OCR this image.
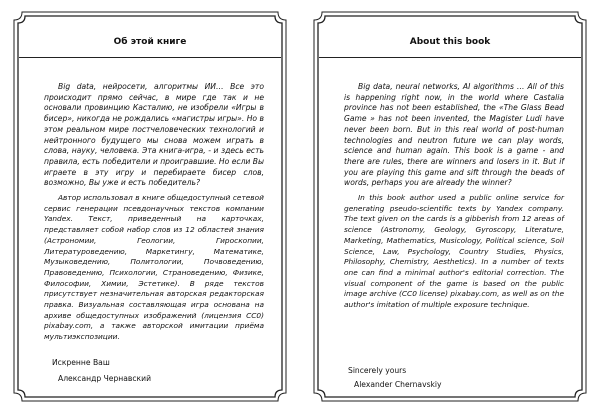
Об этой книге

Big data, нейросети, алгоритмы ИИ… Все это происходит прямо сейчас, в мире где так и не основали провинцию Касталию, не изобрели «Игры в бисер», никогда не рождались «магистры игры». Но в этом реальном мире постчеловеческих технологий и нейтронного будущего мы снова можем играть в слова, науку, человека. Эта книга-игра, - и здесь есть правила, есть победители и проигравшие. Но если Вы играете в эту игру и перебираете бисер слов, возможно, Вы уже и есть победитель?

Автор использовал в книге общедоступный сетевой сервис генерации псевдонаучных текстов компании Yandex. Текст, приведенный на карточках, представляет собой набор слов из 12 областей знания (Астрономии, Геологии, Гироскопии, Литературоведению, Маркетингу, Математике, Музыковедению, Политологии, Почвоведению, Правоведению, Психологии, Страноведению, Физике, Философии, Химии, Эстетике). В ряде текстов присутствует незначительная авторская редакторская правка. Визуальная составляющая игра основана на архиве общедоступных изображений (лицензия CC0) pixabay.com, а также авторской имитации приёма мультиэкспозиции.

Искренне Ваш
Александр Чернавский
About this book

Big data, neural networks, AI algorithms … All of this is happening right now, in the world where Castalia province has not been established, the «The Glass Bead Game » has not been invented, the Magister Ludi have never been born. But in this real world of post-human technologies and neutron future we can play words, science and human again. This book is a game - and there are rules, there are winners and losers in it. But if you are playing this game and sift through the beads of words, perhaps you are already the winner?

In this book author used a public online service for generating pseudo-scientific texts by Yandex company. The text given on the cards is a gibberish from 12 areas of science (Astronomy, Geology, Gyroscopy, Literature, Marketing, Mathematics, Musicology, Political science, Soil Science, Law, Psychology, Country Studies, Physics, Philosophy, Chemistry, Aesthetics). In a number of texts one can find a minimal author's editorial correction. The visual component of the game is based on the public image archive (CC0 license) pixabay.com, as well as on the author's imitation of multiple exposure technique.

Sincerely yours
Alexander Chernavskiy
